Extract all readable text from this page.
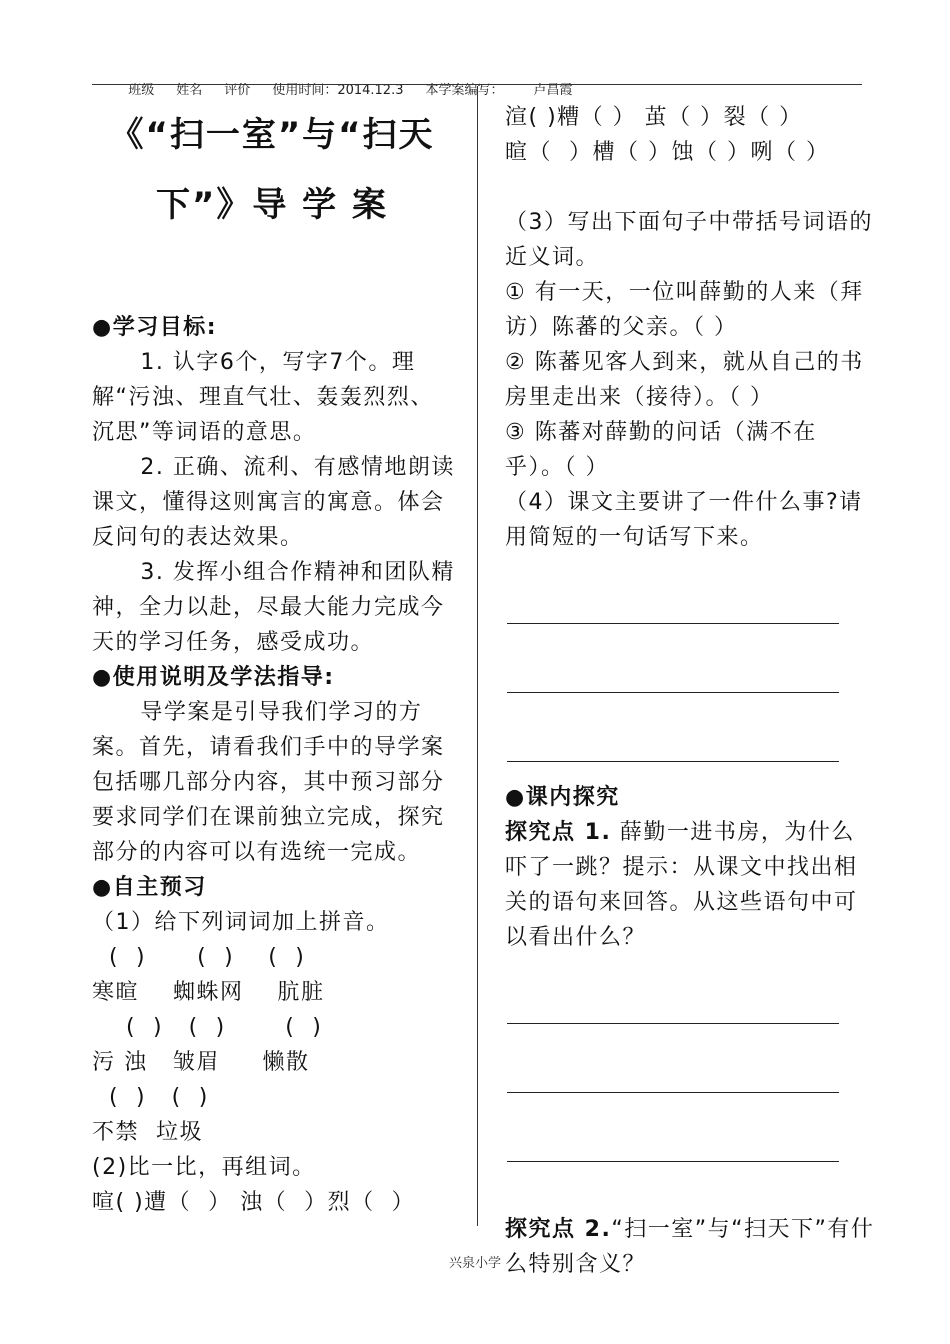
班级 姓名 评价 使用时间：2014.12.3 本学案编写： 卢昌霞

《“扫一室”与“扫天
下”》导 学 案
●学习目标:
1. 认字6个，写字7个。理解“污浊、理直气壮、轰轰烈烈、沉思”等词语的意思。
2. 正确、流利、有感情地朗读课文，懂得这则寓言的寓意。体会反问句的表达效果。
3. 发挥小组合作精神和团队精神，全力以赴，尽最大能力完成今天的学习任务，感受成功。
●使用说明及学法指导:
导学案是引导我们学习的方案。首先，请看我们手中的导学案包括哪几部分内容，其中预习部分要求同学们在课前独立完成，探究部分的内容可以有选统一完成。
●自主预习
（1）给下列词词加上拼音。
(  )      (  )    (  )
寒暄    蜘蛛网    肮脏
(  )   (  )       (  )
污 浊   皱眉     懒散
(  )   (  )
不禁  垃圾
(2)比一比，再组词。
喧( )遭（  ） 浊（  ）烈（  ）
渲( )糟（ ） 茧（ ）裂（ ）
暄（  ）槽（ ）蚀（ ）咧（ ）
（3）写出下面句子中带括号词语的近义词。
① 有一天，一位叫薛勤的人来（拜访）陈蕃的父亲。（ ）
② 陈蕃见客人到来，就从自己的书房里走出来（接待）。（ ）
③ 陈蕃对薛勤的问话（满不在乎）。（ ）
（4）课文主要讲了一件什么事?请用简短的一句话写下来。
●课内探究
探究点 1. 薛勤一进书房，为什么吓了一跳？提示：从课文中找出相关的语句来回答。从这些语句中可以看出什么？
探究点 2.“扫一室”与“扫天下”有什么特别含义？
兴泉小学
